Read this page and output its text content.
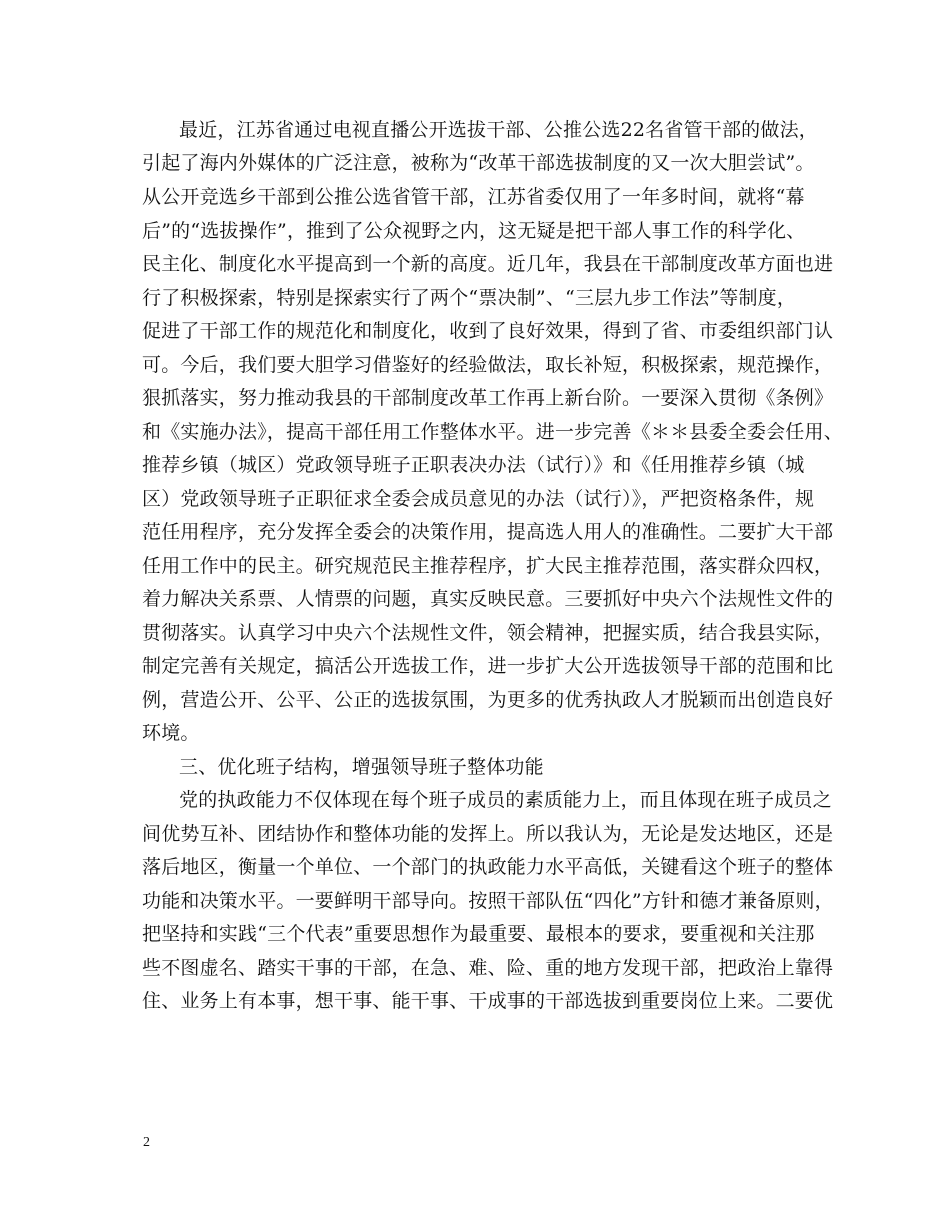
最近，江苏省通过电视直播公开选拔干部、公推公选22名省管干部的做法，
引起了海内外媒体的广泛注意，被称为“改革干部选拔制度的又一次大胆尝试”。
从公开竞选乡干部到公推公选省管干部，江苏省委仅用了一年多时间，就将“幕
后”的“选拔操作”，推到了公众视野之内，这无疑是把干部人事工作的科学化、
民主化、制度化水平提高到一个新的高度。近几年，我县在干部制度改革方面也进
行了积极探索，特别是探索实行了两个“票决制”、“三层九步工作法”等制度，
促进了干部工作的规范化和制度化，收到了良好效果，得到了省、市委组织部门认
可。今后，我们要大胆学习借鉴好的经验做法，取长补短，积极探索，规范操作，
狠抓落实，努力推动我县的干部制度改革工作再上新台阶。一要深入贯彻《条例》
和《实施办法》，提高干部任用工作整体水平。进一步完善《＊＊县委全委会任用、
推荐乡镇（城区）党政领导班子正职表决办法（试行）》和《任用推荐乡镇（城
区）党政领导班子正职征求全委会成员意见的办法（试行）》，严把资格条件，规
范任用程序，充分发挥全委会的决策作用，提高选人用人的准确性。二要扩大干部
任用工作中的民主。研究规范民主推荐程序，扩大民主推荐范围，落实群众四权，
着力解决关系票、人情票的问题，真实反映民意。三要抓好中央六个法规性文件的
贯彻落实。认真学习中央六个法规性文件，领会精神，把握实质，结合我县实际，
制定完善有关规定，搞活公开选拔工作，进一步扩大公开选拔领导干部的范围和比
例，营造公开、公平、公正的选拔氛围，为更多的优秀执政人才脱颖而出创造良好
环境。
三、优化班子结构，增强领导班子整体功能
党的执政能力不仅体现在每个班子成员的素质能力上，而且体现在班子成员之
间优势互补、团结协作和整体功能的发挥上。所以我认为，无论是发达地区，还是
落后地区，衡量一个单位、一个部门的执政能力水平高低，关键看这个班子的整体
功能和决策水平。一要鲜明干部导向。按照干部队伍“四化”方针和德才兼备原则，
把坚持和实践“三个代表”重要思想作为最重要、最根本的要求，要重视和关注那
些不图虚名、踏实干事的干部，在急、难、险、重的地方发现干部，把政治上靠得
住、业务上有本事，想干事、能干事、干成事的干部选拔到重要岗位上来。二要优
2
